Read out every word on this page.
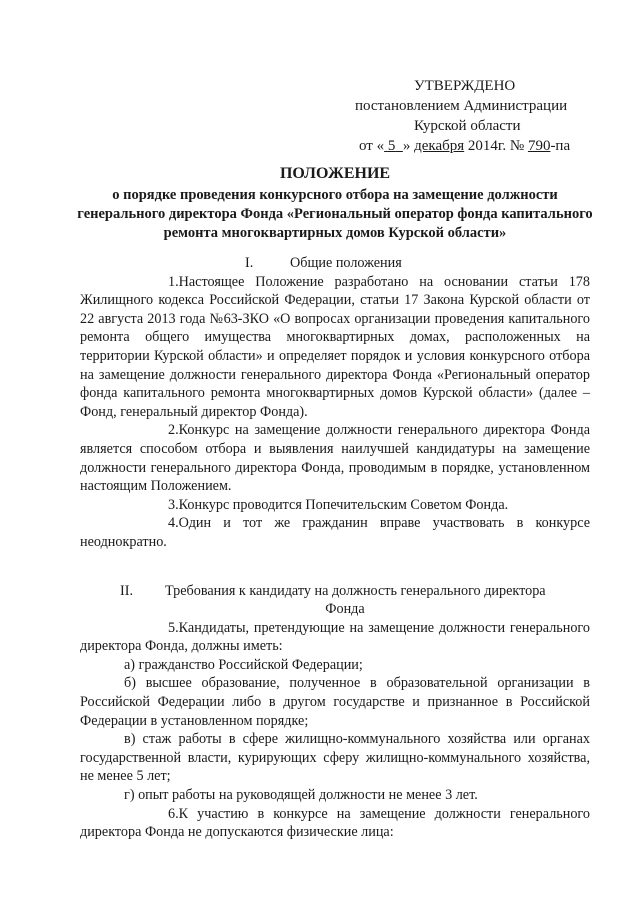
УТВЕРЖДЕНО
постановлением Администрации
Курской области
от « 5 » декабря 2014г. № 790-па
ПОЛОЖЕНИЕ
о порядке проведения конкурсного отбора на замещение должности генерального директора Фонда «Региональный оператор фонда капитального ремонта многоквартирных домов Курской области»

I.	Общие положения

1.Настоящее Положение разработано на основании статьи 178 Жилищного кодекса Российской Федерации, статьи 17 Закона Курской области от 22 августа 2013 года №63-ЗКО «О вопросах организации проведения капитального ремонта общего имущества многоквартирных домах, расположенных на территории Курской области» и определяет порядок и условия конкурсного отбора на замещение должности генерального директора Фонда «Региональный оператор фонда капитального ремонта многоквартирных домов Курской области» (далее – Фонд, генеральный директор Фонда).

2.Конкурс на замещение должности генерального директора Фонда является способом отбора и выявления наилучшей кандидатуры на замещение должности генерального директора Фонда, проводимым в порядке, установленном настоящим Положением.

3.Конкурс проводится Попечительским Советом Фонда.

4.Один и тот же гражданин вправе участвовать в конкурсе неоднократно.

II. Требования к кандидату на должность генерального директора

Фонда

5.Кандидаты, претендующие на замещение должности генерального директора Фонда, должны иметь:

а) гражданство Российской Федерации;

б) высшее образование, полученное в образовательной организации в Российской Федерации либо в другом государстве и признанное в Российской Федерации в установленном порядке;

в) стаж работы в сфере жилищно-коммунального хозяйства или органах государственной власти, курирующих сферу жилищно-коммунального хозяйства, не менее 5 лет;

г) опыт работы на руководящей должности не менее 3 лет.

6.К участию в конкурсе на замещение должности генерального директора Фонда не допускаются физические лица:
